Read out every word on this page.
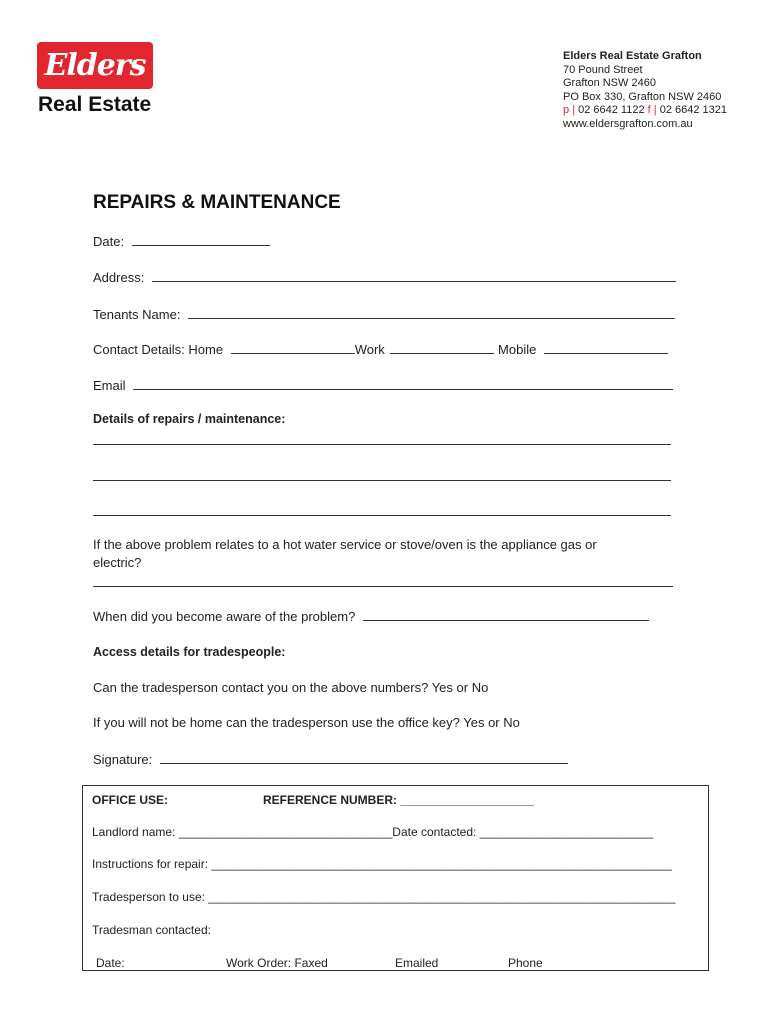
Elders
Real Estate
Elders Real Estate Grafton
70 Pound Street
Grafton NSW 2460
PO Box 330, Grafton NSW 2460
p | 02 6642 1122 f | 02 6642 1321
www.eldersgrafton.com.au
REPAIRS & MAINTENANCE
Date:
Address:
Tenants Name:
Contact Details: Home	Work	Mobile
Email
Details of repairs / maintenance:
If the above problem relates to a hot water service or stove/oven is the appliance gas or
electric?
When did you become aware of the problem?
Access details for tradespeople:
Can the tradesperson contact you on the above numbers? Yes or No
If you will not be home can the tradesperson use the office key? Yes or No
Signature:
OFFICE USE:	REFERENCE NUMBER: ____________________
Landlord name: ________________________________Date contacted: __________________________
Instructions for repair: _____________________________________________________________________
Tradesperson to use: ______________________________________________________________________
Tradesman contacted:
Date:	Work Order: Faxed	Emailed	Phone
